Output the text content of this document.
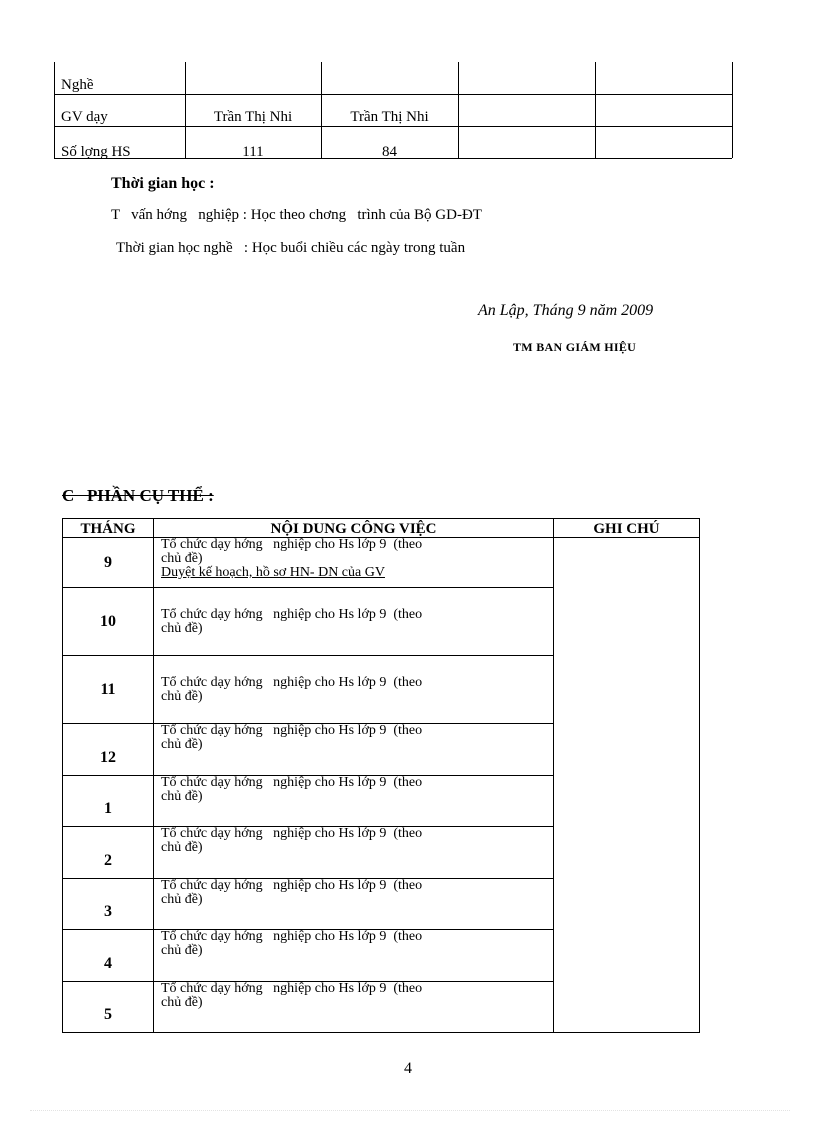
Nghề
GV dạy	Trần Thị Nhi	Trần Thị Nhi
Số lợng HS	111	84
Thời gian học :
T   vấn hớng   nghiệp : Học theo chơng   trình của Bộ GD-ĐT
Thời gian học nghề   : Học buổi chiều các ngày trong tuần
An Lập, Tháng 9 năm 2009
TM BAN GIÁM HIỆU
C   PHẦN CỤ THỂ :
THÁNG	NỘI DUNG CÔNG VIỆC	GHI CHÚ
9	Tổ chức dạy hớng   nghiệp cho Hs lớp 9  (theo
chủ đề)
Duyệt kế hoạch, hồ sơ HN- DN của GV	

10	Tổ chức dạy hớng   nghiệp cho Hs lớp 9  (theo
chủ đề)	

11	Tổ chức dạy hớng   nghiệp cho Hs lớp 9  (theo
chủ đề)	

12	Tổ chức dạy hớng   nghiệp cho Hs lớp 9  (theo
chủ đề)	

1	Tổ chức dạy hớng   nghiệp cho Hs lớp 9  (theo
chủ đề)	

2	Tổ chức dạy hớng   nghiệp cho Hs lớp 9  (theo
chủ đề)	

3	Tổ chức dạy hớng   nghiệp cho Hs lớp 9  (theo
chủ đề)	

4	Tổ chức dạy hớng   nghiệp cho Hs lớp 9  (theo
chủ đề)	

5	Tổ chức dạy hớng   nghiệp cho Hs lớp 9  (theo
chủ đề)	
4
